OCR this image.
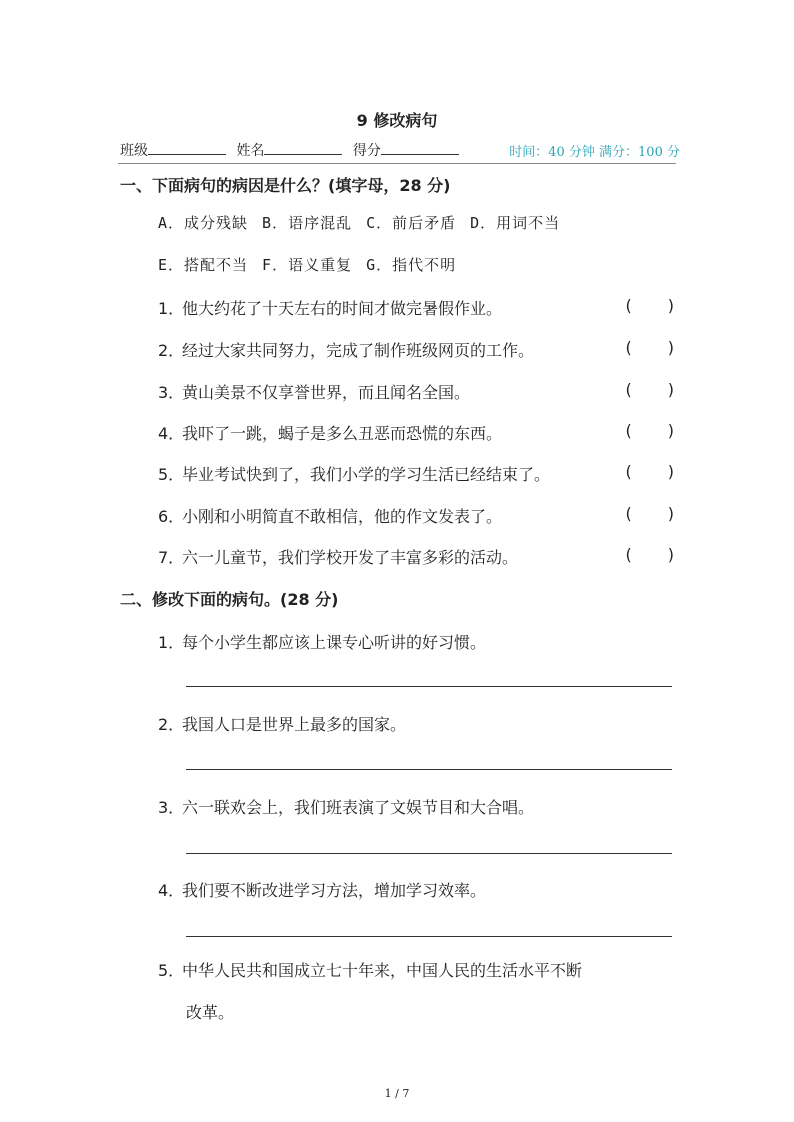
9 修改病句
班级	姓名	得分	时间：40 分钟 满分：100 分
一、下面病句的病因是什么？(填字母，28 分)
A．成分残缺 B．语序混乱 C．前后矛盾 D．用词不当
E．搭配不当 F．语义重复 G．指代不明
1．他大约花了十天左右的时间才做完暑假作业。	( )
2．经过大家共同努力，完成了制作班级网页的工作。	( )
3．黄山美景不仅享誉世界，而且闻名全国。	( )
4．我吓了一跳，蝎子是多么丑恶而恐慌的东西。	( )
5．毕业考试快到了，我们小学的学习生活已经结束了。	( )
6．小刚和小明简直不敢相信，他的作文发表了。	( )
7．六一儿童节，我们学校开发了丰富多彩的活动。	( )
二、修改下面的病句。(28 分)
1．每个小学生都应该上课专心听讲的好习惯。
2．我国人口是世界上最多的国家。
3．六一联欢会上，我们班表演了文娱节目和大合唱。
4．我们要不断改进学习方法，增加学习效率。
5．中华人民共和国成立七十年来，中国人民的生活水平不断
改革。
1 / 7
